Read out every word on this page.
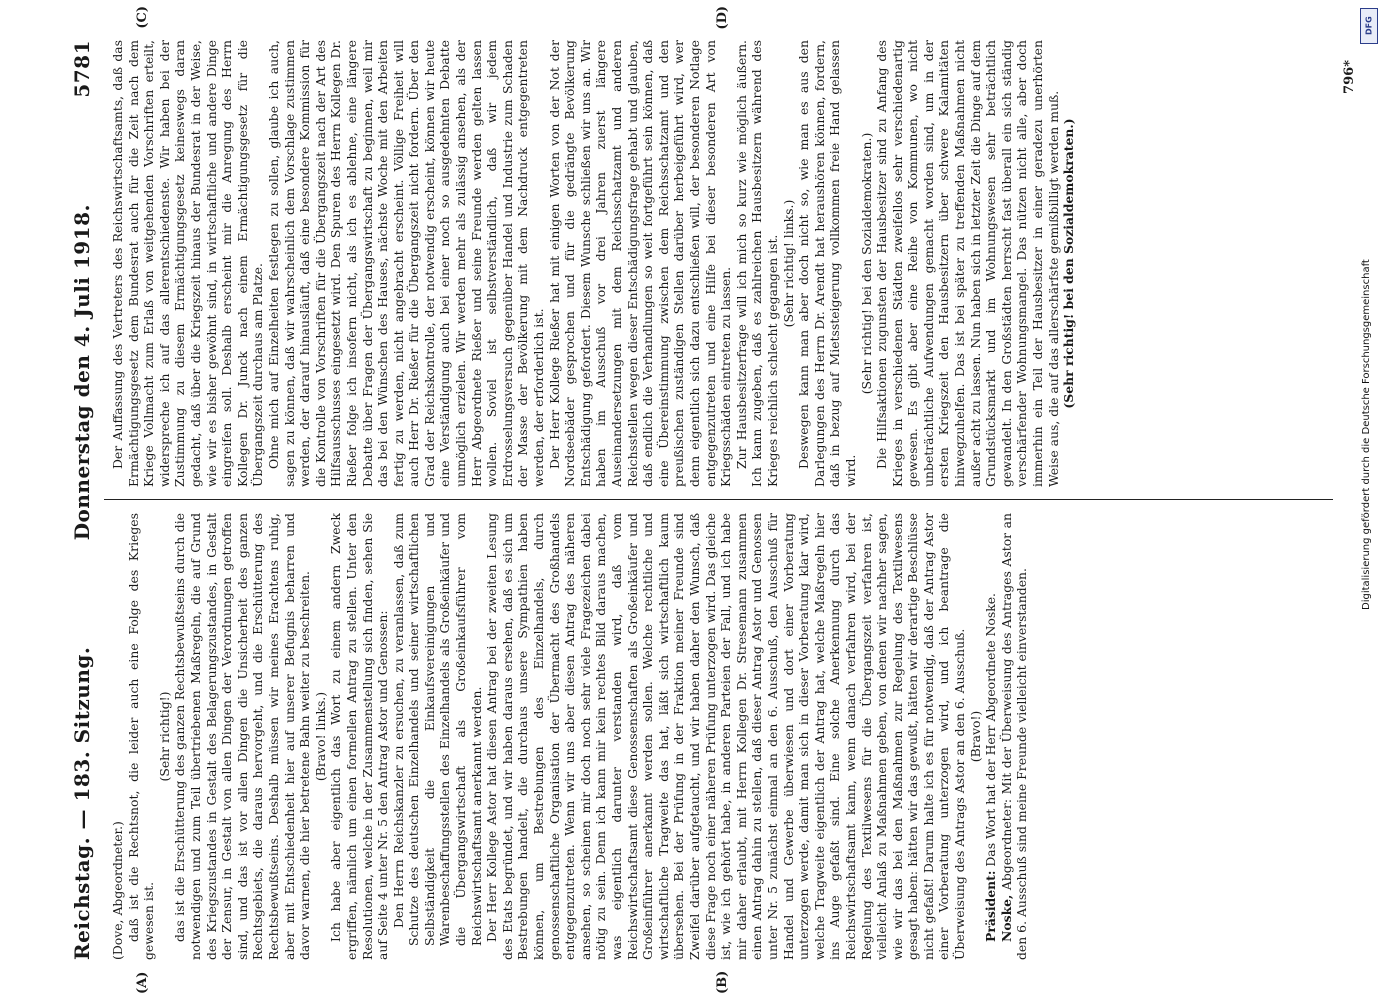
Reichstag. — 183. Sitzung.
Donnerstag den 4. Juli 1918.
5781

(Dove, Abgeordneter.) daß ist die Rechtsnot, die leider auch eine Folge des Krieges gewesen ist.

(Sehr richtig!) das ist die Erschütterung des ganzen Rechtsbewußtseins durch die notwendigen und zum Teil übertriebenen Maßregeln, die auf Grund des Kriegszustandes in Gestalt des Belagerungszustandes, in Gestalt der Zensur, in Gestalt von allen Dingen der Verordnungen getroffen sind, und das ist vor allen Dingen die Unsicherheit des ganzen Rechtsgebiets, die daraus hervorgeht, und die Erschütterung des Rechtsbewußtseins. Deshalb müssen wir meines Erachtens ruhig, aber mit Entschiedenheit hier auf unserer Befugnis beharren und davor warnen, die hier betretene Bahn weiter zu beschreiten. (Bravo! links.) Ich habe aber eigentlich das Wort zu einem andern Zweck ergriffen, nämlich um einen formellen Antrag zu stellen. Unter den Resolutionen, welche in der Zusammenstellung sich finden, sehen Sie auf Seite 4 unter Nr. 5 den Antrag Astor und Genossen: Den Herrn Reichskanzler zu ersuchen, zu veranlassen, daß zum Schutze des deutschen Einzelhandels und seiner wirtschaftlichen Selbständigkeit die Einkaufsvereinigungen und Warenbeschaffungsstellen des Einzelhandels als Großeinkäufer und die Übergangswirtschaft als Großeinkaufsführer vom Reichswirtschaftsamt anerkannt werden. Der Herr Kollege Astor hat diesen Antrag bei der zweiten Lesung des Etats begründet, und wir haben daraus ersehen, daß es sich um Bestrebungen handelt, die durchaus unsere Sympathien haben können, um Bestrebungen des Einzelhandels, durch genossenschaftliche Organisation der Übermacht des Großhandels entgegenzutreten. Wenn wir uns aber diesen Antrag des näheren ansehen, so scheinen mir doch noch sehr viele Fragezeichen dabei nötig zu sein. Denn ich kann mir kein rechtes Bild daraus machen, was eigentlich darunter verstanden wird, daß vom Reichswirtschaftsamt diese Genossenschaften als Großeinkäufer und Großeinführer anerkannt werden sollen. Welche rechtliche und wirtschaftliche Tragweite das hat, läßt sich wirtschaftlich kaum übersehen. Bei der Prüfung in der Fraktion meiner Freunde sind Zweifel darüber aufgetaucht, und wir haben daher den Wunsch, daß diese Frage noch einer näheren Prüfung unterzogen wird. Das gleiche ist, wie ich gehört habe, in anderen Parteien der Fall, und ich habe mir daher erlaubt, mit Herrn Kollegen Dr. Stresemann zusammen einen Antrag dahin zu stellen, daß dieser Antrag Astor und Genossen unter Nr. 5 zunächst einmal an den 6. Ausschuß, den Ausschuß für Handel und Gewerbe überwiesen und dort einer Vorberatung unterzogen werde, damit man sich in dieser Vorberatung klar wird, welche Tragweite eigentlich der Antrag hat, welche Maßregeln hier ins Auge gefaßt sind. Eine solche Anerkennung durch das Reichswirtschaftsamt kann, wenn danach verfahren wird, bei der Regelung des Textilwesens für die Übergangszeit verfahren ist, vielleicht Anlaß zu Maßnahmen geben, von denen wir nachher sagen, wie wir das bei den Maßnahmen zur Regelung des Textilwesens gesagt haben: hätten wir das gewußt, hätten wir derartige Beschlüsse nicht gefaßt! Darum halte ich es für notwendig, daß der Antrag Astor einer Vorberatung unterzogen wird, und ich beantrage die Überweisung des Antrags Astor an den 6. Ausschuß. (Bravo!)

Präsident: Das Wort hat der Herr Abgeordnete Noske.

Noske, Abgeordneter: Mit der Überweisung des Antrages Astor an den 6. Ausschuß sind meine Freunde vielleicht einverstanden.

Der Auffassung des Vertreters des Reichswirtschaftsamts, daß das Ermächtigungsgesetz dem Bundesrat auch für die Zeit nach dem Kriege Vollmacht zum Erlaß von weitgehenden Vorschriften erteilt, widerspreche ich auf das allerentschiedenste. Wir haben bei der Zustimmung zu diesem Ermächtigungsgesetz keineswegs daran gedacht, daß über die Kriegszeit hinaus der Bundesrat in der Weise, wie wir es bisher gewöhnt sind, in wirtschaftliche und andere Dinge eingreifen soll. Deshalb erscheint mir die Anregung des Herrn Kollegen Dr. Junck nach einem Ermächtigungsgesetz für die Übergangszeit durchaus am Platze. Ohne mich auf Einzelheiten festlegen zu sollen, glaube ich auch, sagen zu können, daß wir wahrscheinlich dem Vorschlage zustimmen werden, der darauf hinausläuft, daß eine besondere Kommission für die Kontrolle von Vorschriften für die Übergangszeit nach der Art des Hilfsausschusses eingesetzt wird. Den Spuren des Herrn Kollegen Dr. Rießer folge ich insofern nicht, als ich es ablehne, eine längere Debatte über Fragen der Übergangswirtschaft zu beginnen, weil mir das bei den Wünschen des Hauses, nächste Woche mit den Arbeiten fertig zu werden, nicht angebracht erscheint. Völlige Freiheit will auch Herr Dr. Rießer für die Übergangszeit nicht fordern. Über den Grad der Reichskontrolle, der notwendig erscheint, können wir heute eine Verständigung auch bei einer noch so ausgedehnten Debatte unmöglich erzielen. Wir werden mehr als zulässig ansehen, als der Herr Abgeordnete Rießer und seine Freunde werden gelten lassen wollen. Soviel ist selbstverständlich, daß wir jedem Erdrosselungsversuch gegenüber Handel und Industrie zum Schaden der Masse der Bevölkerung mit dem Nachdruck entgegentreten werden, der erforderlich ist. Der Herr Kollege Rießer hat mit einigen Worten von der Not der Nordseebäder gesprochen und für die gedrängte Bevölkerung Entschädigung gefordert. Diesem Wunsche schließen wir uns an. Wir haben im Ausschuß vor drei Jahren zuerst längere Auseinandersetzungen mit dem Reichsschatzamt und anderen Reichsstellen wegen dieser Entschädigungsfrage gehabt und glauben, daß endlich die Verhandlungen so weit fortgeführt sein können, daß eine Übereinstimmung zwischen dem Reichsschatzamt und den preußischen zuständigen Stellen darüber herbeigeführt wird, wer denn eigentlich sich dazu entschließen will, der besonderen Notlage entgegenzutreten und eine Hilfe bei dieser besonderen Art von Kriegsschäden eintreten zu lassen. Zur Hausbesitzerfrage will ich mich so kurz wie möglich äußern. Ich kann zugeben, daß es zahlreichen Hausbesitzern während des Krieges reichlich schlecht gegangen ist. (Sehr richtig! links.) Deswegen kann man aber doch nicht so, wie man es aus den Darlegungen des Herrn Dr. Arendt hat heraushören können, fordern, daß in bezug auf Mietssteigerung vollkommen freie Hand gelassen wird.

(Sehr richtig! bei den Sozialdemokraten.) Die Hilfsaktionen zugunsten der Hausbesitzer sind zu Anfang des Krieges in verschiedenen Städten zweifellos sehr verschiedenartig gewesen. Es gibt aber eine Reihe von Kommunen, wo nicht unbeträchtliche Aufwendungen gemacht worden sind, um in der ersten Kriegszeit den Hausbesitzern über schwere Kalamitäten hinwegzuhelfen. Das ist bei später zu treffenden Maßnahmen nicht außer acht zu lassen. Nun haben sich in letzter Zeit die Dinge auf dem Grundstücksmarkt und im Wohnungswesen sehr beträchtlich gewandelt. In den Großstädten herrscht fast überall ein sich ständig verschärfender Wohnungsmangel. Das nützen nicht alle, aber doch immerhin ein Teil der Hausbesitzer in einer geradezu unerhörten Weise aus, die auf das allerschärfste gemißbilligt werden muß. (Sehr richtig! bei den Sozialdemokraten.)

(A)	(B)
(C)	(D)
796*
DFG
Digitalisierung gefördert durch die Deutsche Forschungsgemeinschaft
